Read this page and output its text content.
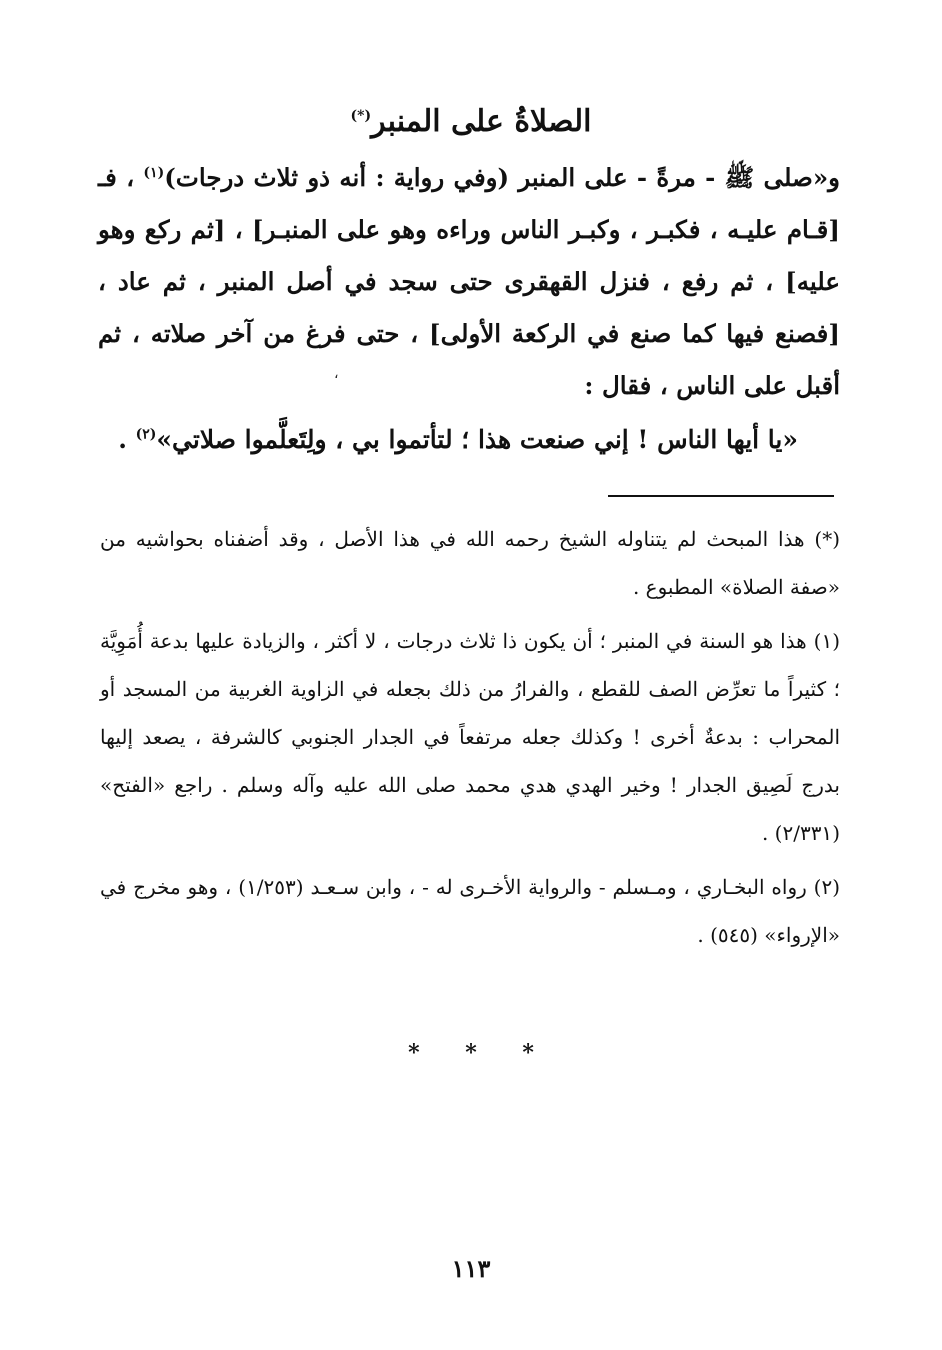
الصلاةُ على المنبر(*)

و«صلى ﷺ - مرةً - على المنبر (وفي رواية : أنه ذو ثلاث درجات)$^{(١)}$ ، فـ [قـام عليـه ، فكبـر ، وكبـر الناس وراءه وهو على المنبـر] ، [ثم ركع وهو عليه] ، ثم رفع ، فنزل القهقرى حتى سجد في أصل المنبر ، ثم عاد ، [فصنع فيها كما صنع في الركعة الأولى] ، حتى فرغ من آخر صلاته ، ثم أقبل على الناس ، فقال :

«يا أيها الناس ! إني صنعت هذا ؛ لتأتموا بي ، ولِتَعلَّموا صلاتي»$^{(٢)}$ .
،

(*) هذا المبحث لم يتناوله الشيخ رحمه الله في هذا الأصل ، وقد أضفناه بحواشيه من «صفة الصلاة» المطبوع .

(١) هذا هو السنة في المنبر ؛ أن يكون ذا ثلاث درجات ، لا أكثر ، والزيادة عليها بدعة أُمَوِيَّة ؛ كثيراً ما تعرِّض الصف للقطع ، والفرارُ من ذلك بجعله في الزاوية الغربية من المسجد أو المحراب : بدعةٌ أخرى ! وكذلك جعله مرتفعاً في الجدار الجنوبي كالشرفة ، يصعد إليها بدرج لَصِيق الجدار ! وخير الهدي هدي محمد صلى الله عليه وآله وسلم . راجع «الفتح» (٢/٣٣١) .

(٢) رواه البخـاري ، ومـسلم - والرواية الأخـرى له - ، وابن سـعـد (١/٢٥٣) ، وهو مخرج في «الإرواء» (٥٤٥) .

* * *
١١٣
